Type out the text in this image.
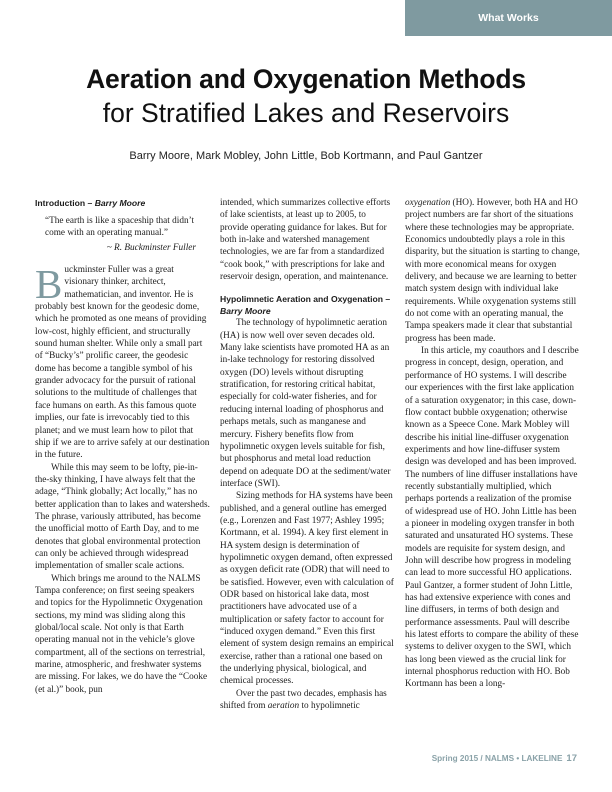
What Works
Aeration and Oxygenation Methods
for Stratified Lakes and Reservoirs
Barry Moore, Mark Mobley, John Little, Bob Kortmann, and Paul Gantzer

Introduction – Barry Moore

“The earth is like a spaceship that didn’t come with an operating manual.”

~ R. Buckminster Fuller

Buckminster Fuller was a great visionary thinker, architect, mathematician, and inventor. He is probably best known for the geodesic dome, which he promoted as one means of providing low-cost, highly efficient, and structurally sound human shelter. While only a small part of “Bucky’s” prolific career, the geodesic dome has become a tangible symbol of his grander advocacy for the pursuit of rational solutions to the multitude of challenges that face humans on earth. As this famous quote implies, our fate is irrevocably tied to this planet; and we must learn how to pilot that ship if we are to arrive safely at our destination in the future.

While this may seem to be lofty, pie-in-the-sky thinking, I have always felt that the adage, “Think globally; Act locally,” has no better application than to lakes and watersheds. The phrase, variously attributed, has become the unofficial motto of Earth Day, and to me denotes that global environmental protection can only be achieved through widespread implementation of smaller scale actions.

Which brings me around to the NALMS Tampa conference; on first seeing speakers and topics for the Hypolimnetic Oxygenation sections, my mind was sliding along this global/local scale. Not only is that Earth operating manual not in the vehicle’s glove compartment, all of the sections on terrestrial, marine, atmospheric, and freshwater systems are missing. For lakes, we do have the “Cooke (et al.)” book, pun

intended, which summarizes collective efforts of lake scientists, at least up to 2005, to provide operating guidance for lakes. But for both in-lake and watershed management technologies, we are far from a standardized “cook book,” with prescriptions for lake and reservoir design, operation, and maintenance.

Hypolimnetic Aeration and Oxygenation – Barry Moore

The technology of hypolimnetic aeration (HA) is now well over seven decades old. Many lake scientists have promoted HA as an in-lake technology for restoring dissolved oxygen (DO) levels without disrupting stratification, for restoring critical habitat, especially for cold-water fisheries, and for reducing internal loading of phosphorus and perhaps metals, such as manganese and mercury. Fishery benefits flow from hypolimnetic oxygen levels suitable for fish, but phosphorus and metal load reduction depend on adequate DO at the sediment/water interface (SWI).

Sizing methods for HA systems have been published, and a general outline has emerged (e.g., Lorenzen and Fast 1977; Ashley 1995; Kortmann, et al. 1994). A key first element in HA system design is determination of hypolimnetic oxygen demand, often expressed as oxygen deficit rate (ODR) that will need to be satisfied. However, even with calculation of ODR based on historical lake data, most practitioners have advocated use of a multiplication or safety factor to account for “induced oxygen demand.” Even this first element of system design remains an empirical exercise, rather than a rational one based on the underlying physical, biological, and chemical processes.

Over the past two decades, emphasis has shifted from aeration to hypolimnetic

oxygenation (HO). However, both HA and HO project numbers are far short of the situations where these technologies may be appropriate. Economics undoubtedly plays a role in this disparity, but the situation is starting to change, with more economical means for oxygen delivery, and because we are learning to better match system design with individual lake requirements. While oxygenation systems still do not come with an operating manual, the Tampa speakers made it clear that substantial progress has been made.

In this article, my coauthors and I describe progress in concept, design, operation, and performance of HO systems. I will describe our experiences with the first lake application of a saturation oxygenator; in this case, down-flow contact bubble oxygenation; otherwise known as a Speece Cone. Mark Mobley will describe his initial line-diffuser oxygenation experiments and how line-diffuser system design was developed and has been improved. The numbers of line diffuser installations have recently substantially multiplied, which perhaps portends a realization of the promise of widespread use of HO. John Little has been a pioneer in modeling oxygen transfer in both saturated and unsaturated HO systems. These models are requisite for system design, and John will describe how progress in modeling can lead to more successful HO applications. Paul Gantzer, a former student of John Little, has had extensive experience with cones and line diffusers, in terms of both design and performance assessments. Paul will describe his latest efforts to compare the ability of these systems to deliver oxygen to the SWI, which has long been viewed as the crucial link for internal phosphorus reduction with HO. Bob Kortmann has been a long-

Spring 2015 / NALMS • LAKELINE 17
